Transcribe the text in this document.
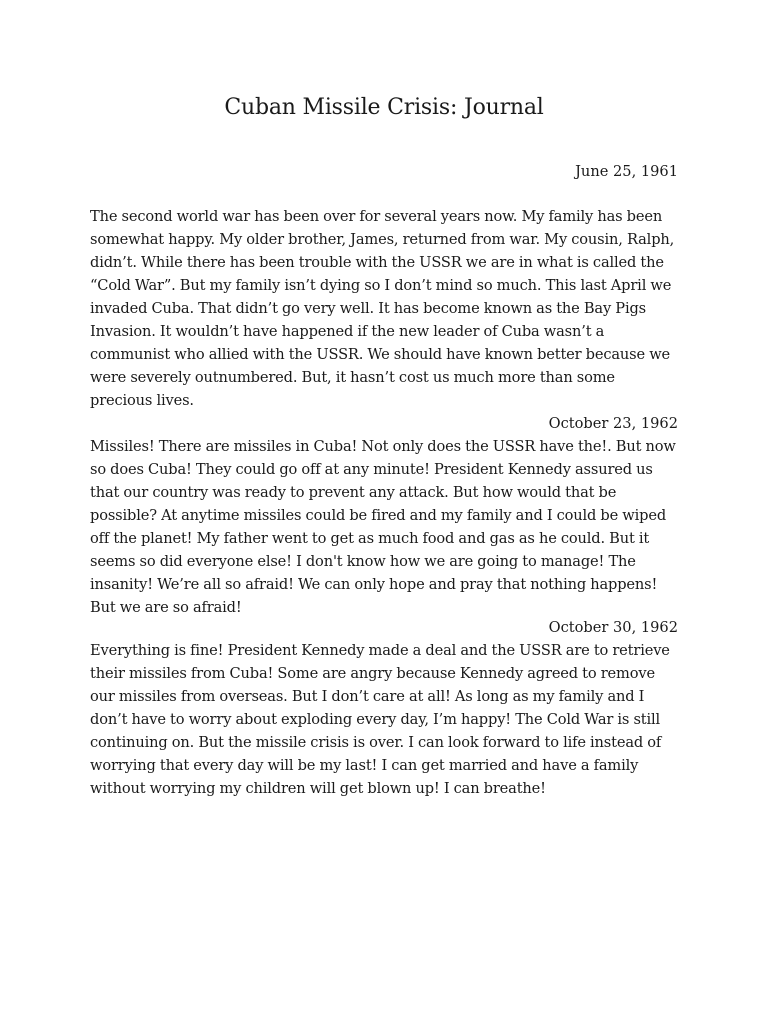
Cuban Missile Crisis: Journal

June 25, 1961

The second world war has been over for several years now. My family has been somewhat happy. My older brother, James, returned from war. My cousin, Ralph, didn’t. While there has been trouble with the USSR we are in what is called the “Cold War”. But my family isn’t dying so I don’t mind so much. This last April we invaded Cuba. That didn’t go very well. It has become known as the Bay Pigs Invasion. It wouldn’t have happened if the new leader of Cuba wasn’t a communist who allied with the USSR. We should have known better because we were severely outnumbered. But, it hasn’t cost us much more than some precious lives.

October 23, 1962

Missiles! There are missiles in Cuba! Not only does the USSR have the!. But now so does Cuba! They could go off at any minute! President Kennedy assured us that our country was ready to prevent any attack. But how would that be possible? At anytime missiles could be fired and my family and I could be wiped off the planet! My father went to get as much food and gas as he could. But it seems so did everyone else! I don't know how we are going to manage! The insanity! We’re all so afraid! We can only hope and pray that nothing happens! But we are so afraid!

October 30, 1962

Everything is fine! President Kennedy made a deal and the USSR are to retrieve their missiles from Cuba! Some are angry because Kennedy agreed to remove our missiles from overseas. But I don’t care at all! As long as my family and I don’t have to worry about exploding every day, I’m happy! The Cold War is still continuing on. But the missile crisis is over. I can look forward to life instead of worrying that every day will be my last! I can get married and have a family without worrying my children will get blown up! I can breathe!
